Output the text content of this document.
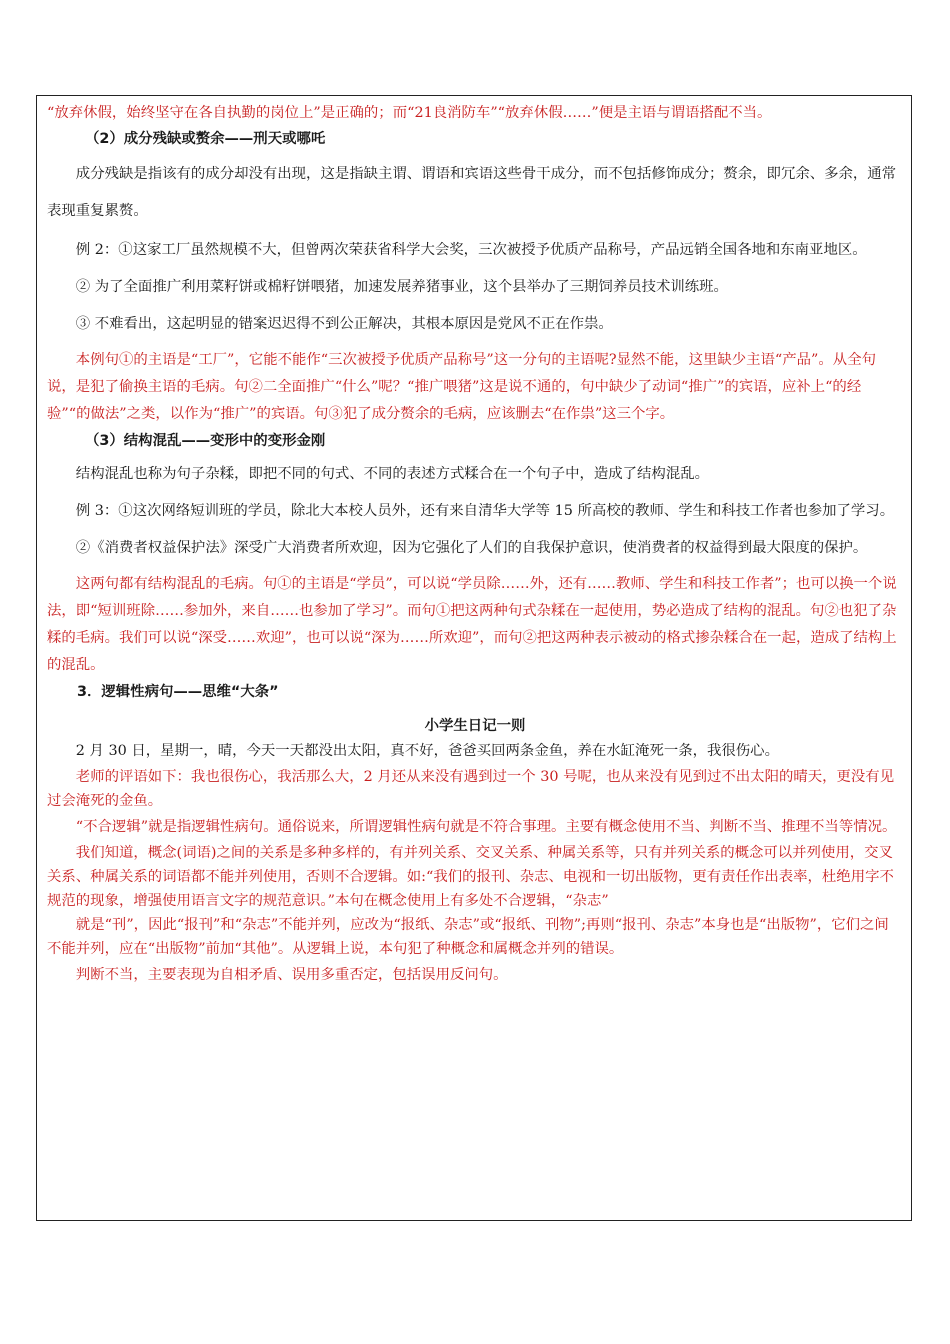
“放弃休假，始终坚守在各自执勤的岗位上”是正确的；而“21良消防车”“放弃休假……”便是主语与谓语搭配不当。

（2）成分残缺或赘余——刑天或哪吒

成分残缺是指该有的成分却没有出现，这是指缺主谓、谓语和宾语这些骨干成分，而不包括修饰成分；赘余，即冗余、多余，通常表现重复累赘。

例 2：①这家工厂虽然规模不大，但曾两次荣获省科学大会奖，三次被授予优质产品称号，产品远销全国各地和东南亚地区。

② 为了全面推广利用菜籽饼或棉籽饼喂猪，加速发展养猪事业，这个县举办了三期饲养员技术训练班。

③ 不难看出，这起明显的错案迟迟得不到公正解决，其根本原因是党风不正在作祟。

本例句①的主语是“工厂”，它能不能作“三次被授予优质产品称号”这一分句的主语呢?显然不能，这里缺少主语“产品”。从全句说，是犯了偷换主语的毛病。句②二全面推广“什么”呢？“推广喂猪”这是说不通的，句中缺少了动词“推广”的宾语，应补上“的经验”“的做法”之类，以作为“推广”的宾语。句③犯了成分赘余的毛病，应该删去“在作祟”这三个字。

（3）结构混乱——变形中的变形金刚

结构混乱也称为句子杂糅，即把不同的句式、不同的表述方式糅合在一个句子中，造成了结构混乱。

例 3：①这次网络短训班的学员，除北大本校人员外，还有来自清华大学等 15 所高校的教师、学生和科技工作者也参加了学习。

②《消费者权益保护法》深受广大消费者所欢迎，因为它强化了人们的自我保护意识，使消费者的权益得到最大限度的保护。

这两句都有结构混乱的毛病。句①的主语是“学员”，可以说“学员除……外，还有……教师、学生和科技工作者”；也可以换一个说法，即“短训班除……参加外，来自……也参加了学习”。而句①把这两种句式杂糅在一起使用，势必造成了结构的混乱。句②也犯了杂糅的毛病。我们可以说“深受……欢迎”，也可以说“深为……所欢迎”，而句②把这两种表示被动的格式掺杂糅合在一起，造成了结构上的混乱。

3．逻辑性病句——思维“大条”

小学生日记一则

2 月 30 日，星期一，晴，今天一天都没出太阳，真不好，爸爸买回两条金鱼，养在水缸淹死一条，我很伤心。

老师的评语如下：我也很伤心，我活那么大，2 月还从来没有遇到过一个 30 号呢，也从来没有见到过不出太阳的晴天，更没有见过会淹死的金鱼。

“不合逻辑”就是指逻辑性病句。通俗说来，所谓逻辑性病句就是不符合事理。主要有概念使用不当、判断不当、推理不当等情况。

我们知道，概念(词语)之间的关系是多种多样的，有并列关系、交叉关系、种属关系等，只有并列关系的概念可以并列使用，交叉关系、种属关系的词语都不能并列使用，否则不合逻辑。如:“我们的报刊、杂志、电视和一切出版物，更有责任作出表率，杜绝用字不规范的现象，增强使用语言文字的规范意识。”本句在概念使用上有多处不合逻辑，“杂志”

就是“刊”，因此“报刊”和“杂志”不能并列，应改为“报纸、杂志”或“报纸、刊物”;再则“报刊、杂志”本身也是“出版物”，它们之间不能并列，应在“出版物”前加“其他”。从逻辑上说，本句犯了种概念和属概念并列的错误。

判断不当，主要表现为自相矛盾、误用多重否定，包括误用反问句。
